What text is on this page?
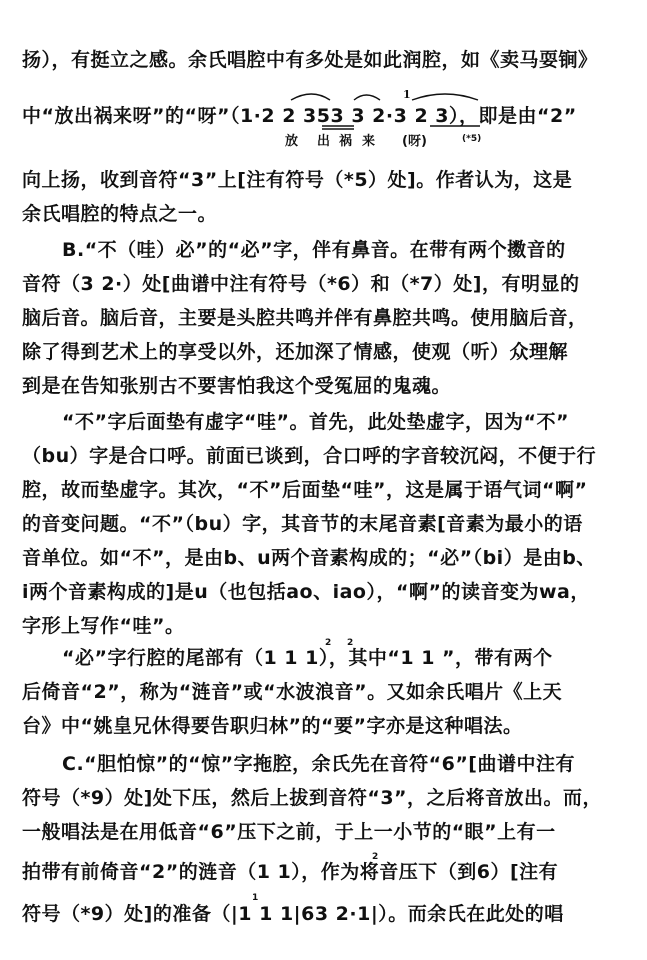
扬），有挺立之感。余氏唱腔中有多处是如此润腔，如《卖马耍锏》
1
中“放出祸来呀”的“呀”（1·2 2 353 3 2·3 2 3），即是由“2”
放 出 祸 来 (呀)	(*5)
向上扬，收到音符“3”上[注有符号（*5）处]。作者认为，这是
余氏唱腔的特点之一。
B.“不（哇）必”的“必”字，伴有鼻音。在带有两个擞音的
音符（3 2·）处[曲谱中注有符号（*6）和（*7）处]，有明显的
脑后音。脑后音，主要是头腔共鸣并伴有鼻腔共鸣。使用脑后音，
除了得到艺术上的享受以外，还加深了情感，使观（听）众理解
到是在告知张别古不要害怕我这个受冤屈的鬼魂。
“不”字后面垫有虚字“哇”。首先，此处垫虚字，因为“不”
（bu）字是合口呼。前面已谈到，合口呼的字音较沉闷，不便于行
腔，故而垫虚字。其次，“不”后面垫“哇”，这是属于语气词“啊”
的音变问题。“不”（bu）字，其音节的末尾音素[音素为最小的语
音单位。如“不”，是由b、u两个音素构成的；“必”（bi）是由b、
i两个音素构成的]是u（也包括ao、iao），“啊”的读音变为wa，
字形上写作“哇”。
“必”字行腔的尾部有（1 1 1），其中“1 1 ”，带有两个
2 2
后倚音“2”，称为“涟音”或“水波浪音”。又如余氏唱片《上天
台》中“姚皇兄休得要告职归林”的“要”字亦是这种唱法。
C.“胆怕惊”的“惊”字拖腔，余氏先在音符“6”[曲谱中注有
符号（*9）处]处下压，然后上拔到音符“3”，之后将音放出。而，
一般唱法是在用低音“6”压下之前，于上一小节的“眼”上有一
拍带有前倚音“2”的涟音（1 1），作为将音压下（到6）[注有
2
符号（*9）处]的准备（|1 1 1|63 2·1|）。而余氏在此处的唱
1
